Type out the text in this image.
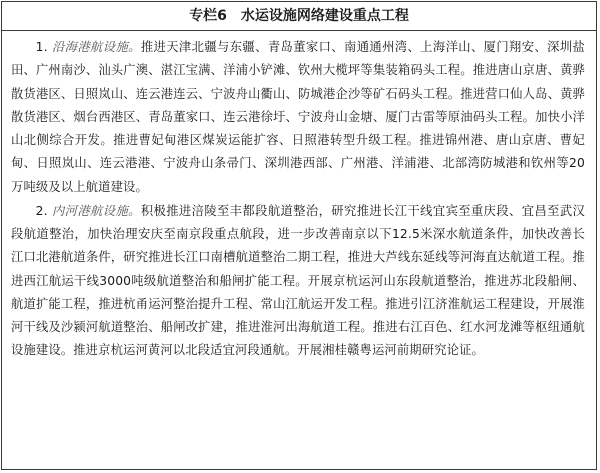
专栏6　水运设施网络建设重点工程

1. 沿海港航设施。推进天津北疆与东疆、青岛董家口、南通通州湾、上海洋山、厦门翔安、深圳盐田、广州南沙、汕头广澳、湛江宝满、洋浦小铲滩、钦州大榄坪等集装箱码头工程。推进唐山京唐、黄骅散货港区、日照岚山、连云港连云、宁波舟山衢山、防城港企沙等矿石码头工程。推进营口仙人岛、黄骅散货港区、烟台西港区、青岛董家口、连云港徐圩、宁波舟山金塘、厦门古雷等原油码头工程。加快小洋山北侧综合开发。推进曹妃甸港区煤炭运能扩容、日照港转型升级工程。推进锦州港、唐山京唐、曹妃甸、日照岚山、连云港港、宁波舟山条帚门、深圳港西部、广州港、洋浦港、北部湾防城港和钦州等20万吨级及以上航道建设。

2. 内河港航设施。积极推进涪陵至丰都段航道整治，研究推进长江干线宜宾至重庆段、宜昌至武汉段航道整治，加快治理安庆至南京段重点航段，进一步改善南京以下12.5米深水航道条件，加快改善长江口北港航道条件，研究推进长江口南槽航道整治二期工程，推进大芦线东延线等河海直达航道工程。推进西江航运干线3000吨级航道整治和船闸扩能工程。开展京杭运河山东段航道整治，推进苏北段船闸、航道扩能工程，推进杭甬运河整治提升工程、常山江航运开发工程。推进引江济淮航运工程建设，开展淮河干线及沙颍河航道整治、船闸改扩建，推进淮河出海航道工程。推进右江百色、红水河龙滩等枢纽通航设施建设。推进京杭运河黄河以北段适宜河段通航。开展湘桂赣粤运河前期研究论证。
